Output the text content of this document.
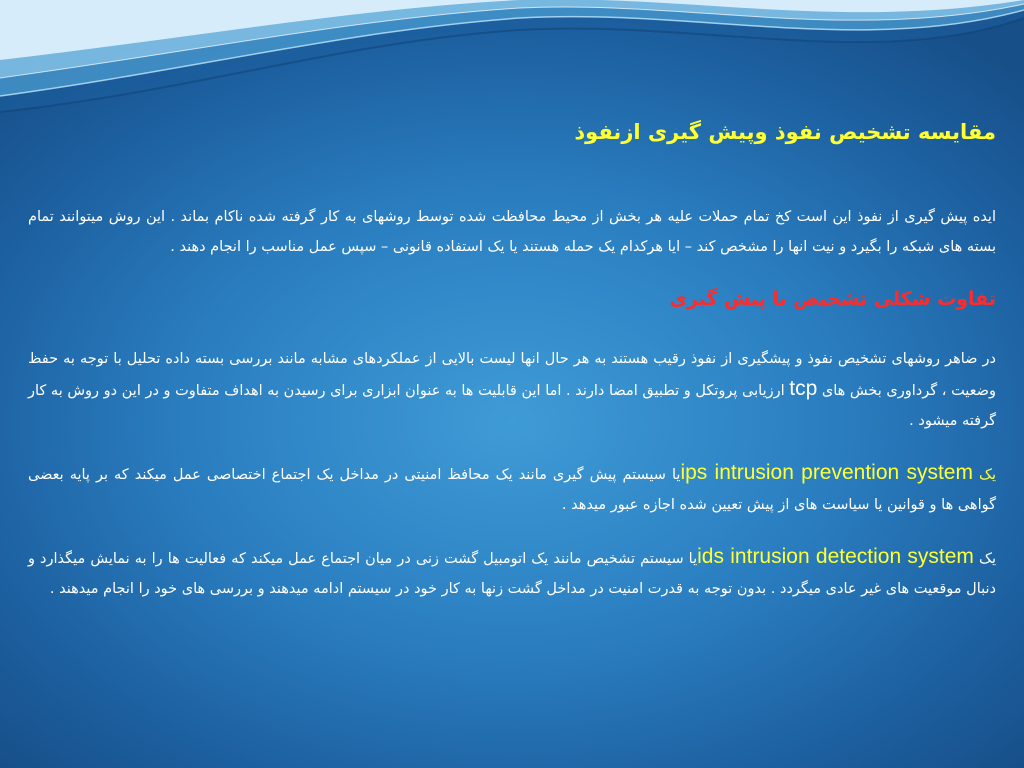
مقایسه تشخیص نفوذ وپیش گیری ازنفوذ

ایده پیش گیری از نفوذ این است کخ تمام حملات علیه هر بخش از محیط محافظت شده توسط روشهای به کار گرفته شده ناکام بماند . این روش میتوانند تمام بسته های شبکه را بگیرد و نیت انها را مشخص کند – ایا هرکدام یک حمله هستند یا یک استفاده قانونی – سپس عمل مناسب را انجام دهند .

تفاوت شکلی تشخیص با پیش گیری

در ضاهر روشهای تشخیص نفوذ و پیشگیری از نفوذ رقیب هستند به هر حال انها لیست بالایی از عملکردهای مشابه مانند بررسی بسته داده تحلیل با توجه به حفظ وضعیت ، گرداوری بخش های tcp ارزیابی پروتکل و تطبیق امضا دارند . اما این قابلیت ها به عنوان ابزاری برای رسیدن به اهداف متفاوت و در این دو روش به کار گرفته میشود .

یک ips intrusion prevention systemیا سیستم پیش گیری مانند یک محافظ امنیتی در مداخل یک اجتماع اختصاصی عمل میکند که بر پایه بعضی گواهی ها و قوانین یا سیاست های از پیش تعیین شده اجازه عبور میدهد .

یک ids intrusion detection systemیا سیستم تشخیص مانند یک اتومبیل گشت زنی در میان اجتماع عمل میکند که فعالیت ها را به نمایش میگذارد و دنبال موقعیت های غیر عادی میگردد . بدون توجه به قدرت امنیت در مداخل گشت زنها به کار خود در سیستم ادامه میدهند و بررسی های خود را انجام میدهند .
